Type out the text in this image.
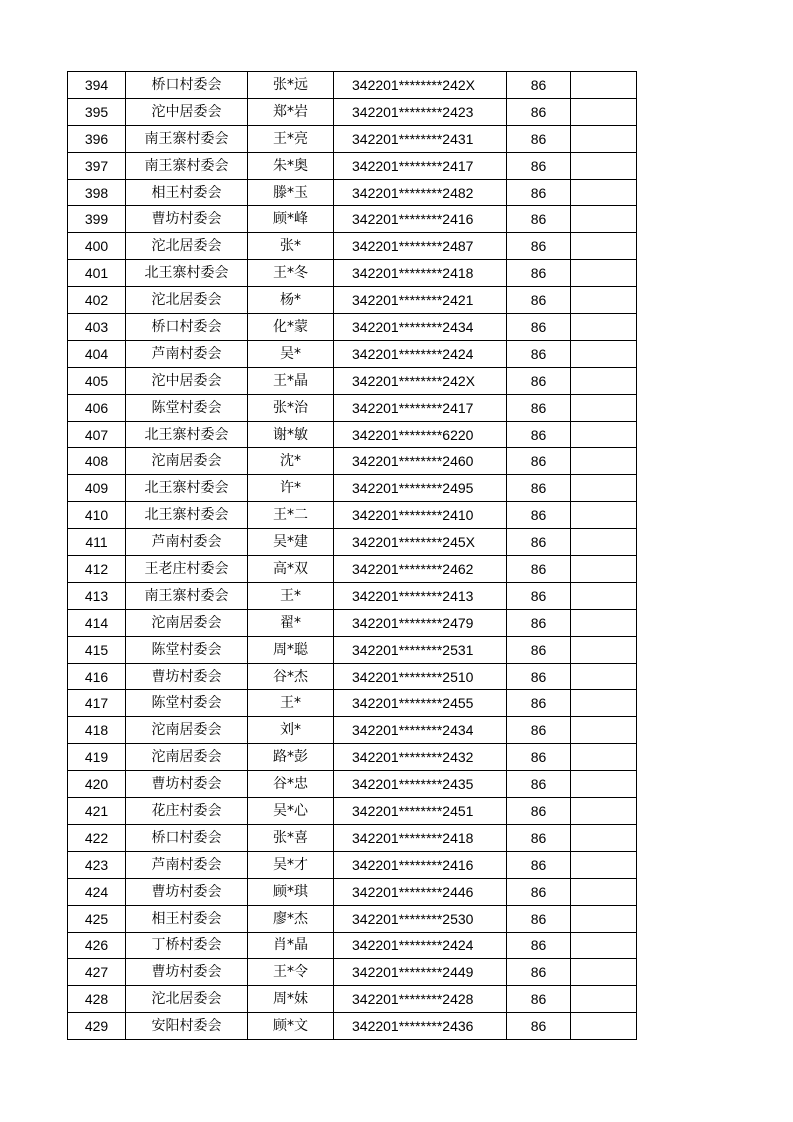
394	桥口村委会	张*远	342201********242X	86	
395	沱中居委会	郑*岩	342201********2423	86	
396	南王寨村委会	王*亮	342201********2431	86	
397	南王寨村委会	朱*奥	342201********2417	86	
398	相王村委会	滕*玉	342201********2482	86	
399	曹坊村委会	顾*峰	342201********2416	86	
400	沱北居委会	张*	342201********2487	86	
401	北王寨村委会	王*冬	342201********2418	86	
402	沱北居委会	杨*	342201********2421	86	
403	桥口村委会	化*蒙	342201********2434	86	
404	芦南村委会	吴*	342201********2424	86	
405	沱中居委会	王*晶	342201********242X	86	
406	陈堂村委会	张*治	342201********2417	86	
407	北王寨村委会	谢*敏	342201********6220	86	
408	沱南居委会	沈*	342201********2460	86	
409	北王寨村委会	许*	342201********2495	86	
410	北王寨村委会	王*二	342201********2410	86	
411	芦南村委会	吴*建	342201********245X	86	
412	王老庄村委会	高*双	342201********2462	86	
413	南王寨村委会	王*	342201********2413	86	
414	沱南居委会	翟*	342201********2479	86	
415	陈堂村委会	周*聪	342201********2531	86	
416	曹坊村委会	谷*杰	342201********2510	86	
417	陈堂村委会	王*	342201********2455	86	
418	沱南居委会	刘*	342201********2434	86	
419	沱南居委会	路*彭	342201********2432	86	
420	曹坊村委会	谷*忠	342201********2435	86	
421	花庄村委会	吴*心	342201********2451	86	
422	桥口村委会	张*喜	342201********2418	86	
423	芦南村委会	吴*才	342201********2416	86	
424	曹坊村委会	顾*琪	342201********2446	86	
425	相王村委会	廖*杰	342201********2530	86	
426	丁桥村委会	肖*晶	342201********2424	86	
427	曹坊村委会	王*令	342201********2449	86	
428	沱北居委会	周*妹	342201********2428	86	
429	安阳村委会	顾*文	342201********2436	86	
